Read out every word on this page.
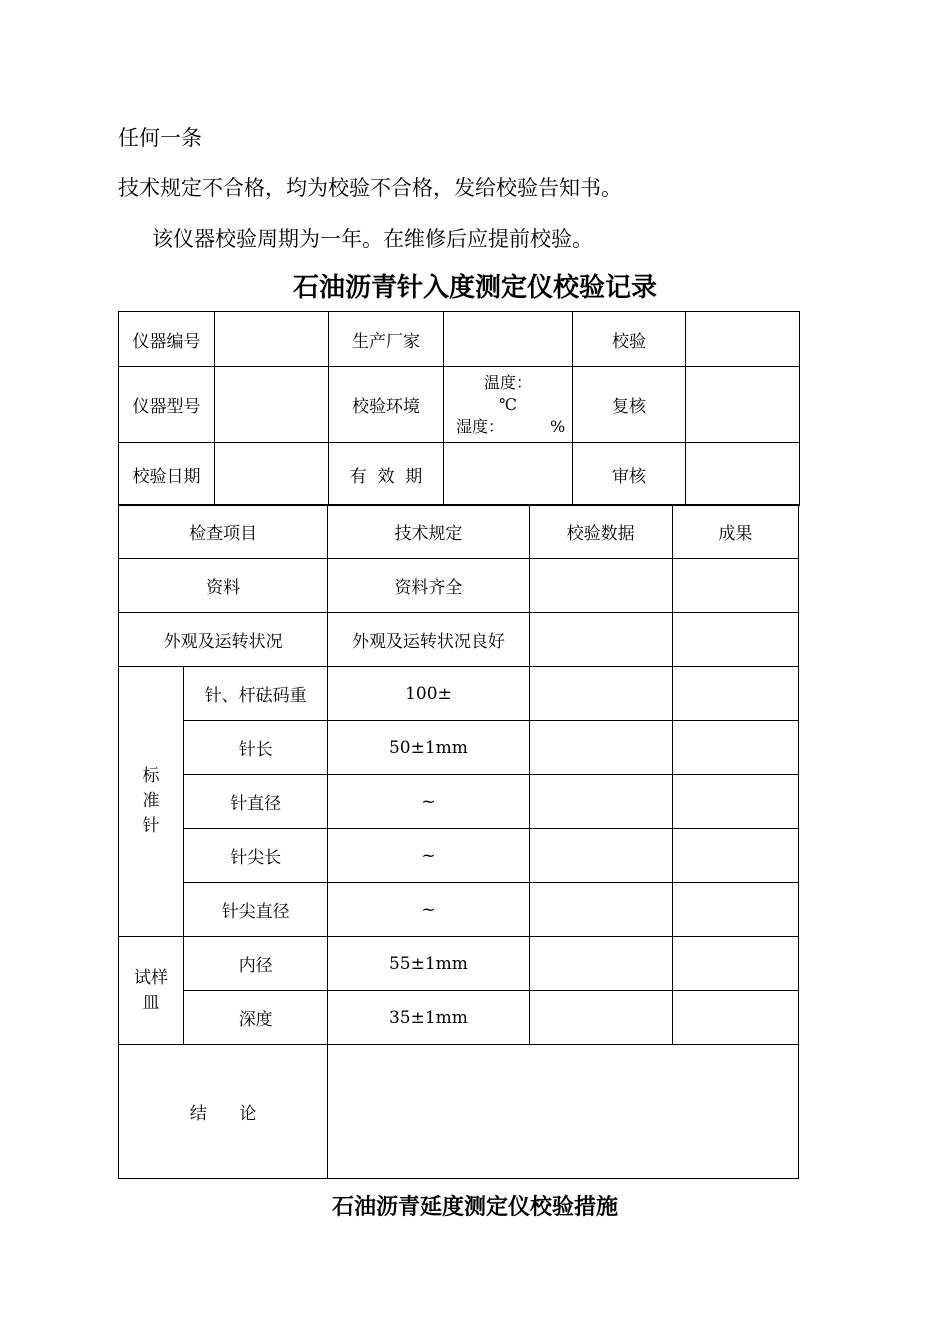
任何一条

技术规定不合格，均为校验不合格，发给校验告知书。

该仪器校验周期为一年。在维修后应提前校验。

石油沥青针入度测定仪校验记录
仪器编号		生产厂家		校验	
仪器型号		校验环境	温度：
℃
湿度： %	复核	
校验日期		有  效  期		审核	
检查项目		技术规定	校验数据	成果
资料		资料齐全		
外观及运转状况		外观及运转状况良好		

标
准
针	针、杆砝码重	100±		
	针长	50±1mm		
	针直径	~		
	针尖长	~		
	针尖直径	~		

试样
皿	内径	55±1mm		
	深度	35±1mm		
结      论				
石油沥青延度测定仪校验措施
